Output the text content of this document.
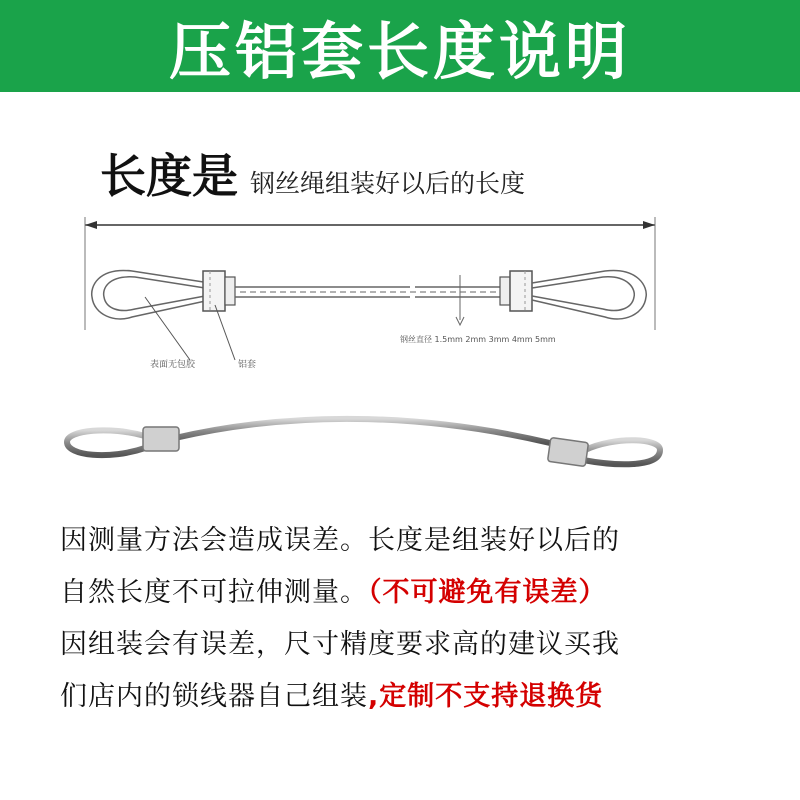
压铝套长度说明
长度是 钢丝绳组装好以后的长度
表面无包胶	铝套
钢丝直径 1.5mm 2mm 3mm 4mm 5mm
因测量方法会造成误差。长度是组装好以后的
自然长度不可拉伸测量。（不可避免有误差）
因组装会有误差，尺寸精度要求高的建议买我
们店内的锁线器自己组装,定制不支持退换货
